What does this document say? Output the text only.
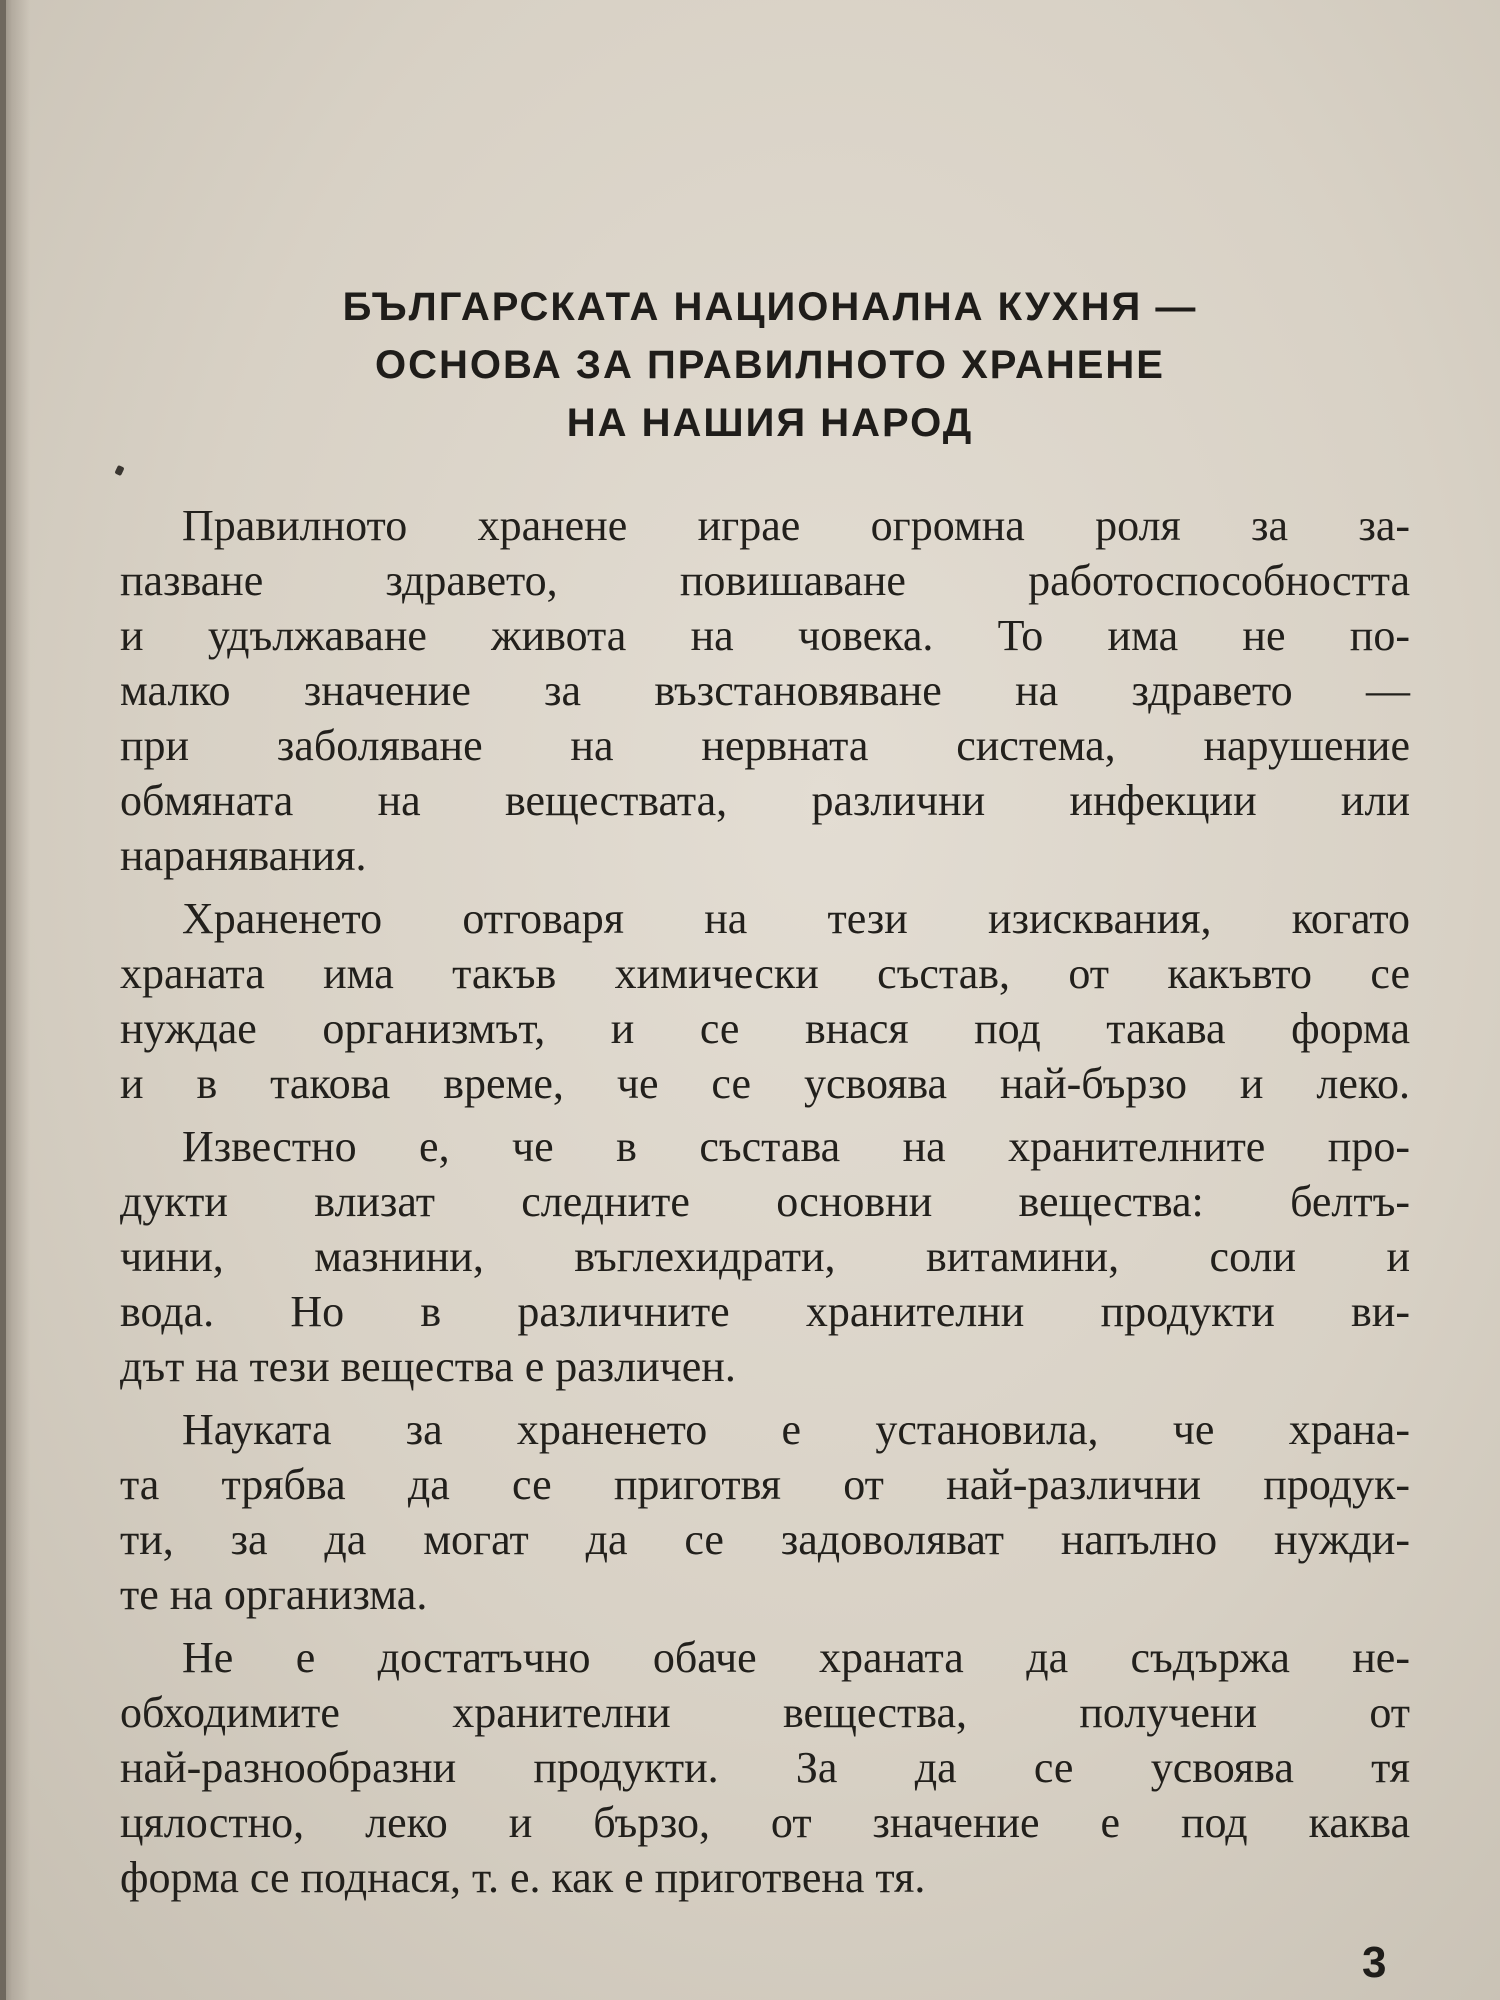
БЪЛГАРСКАТА НАЦИОНАЛНА КУХНЯ —
ОСНОВА ЗА ПРАВИЛНОТО ХРАНЕНЕ
НА НАШИЯ НАРОД
Правилното хранене играе огромна роля за за-
пазване здравето, повишаване работоспособността
и удължаване живота на човека. То има не по-
малко значение за възстановяване на здравето —
при заболяване на нервната система, нарушение
обмяната на веществата, различни инфекции или
наранявания.
Храненето отговаря на тези изисквания, когато
храната има такъв химически състав, от какъвто се
нуждае организмът, и се внася под такава форма
и в такова време, че се усвоява най-бързо и леко.
Известно е, че в състава на хранителните про-
дукти влизат следните основни вещества: белтъ-
чини, мазнини, въглехидрати, витамини, соли и
вода. Но в различните хранителни продукти ви-
дът на тези вещества е различен.
Науката за храненето е установила, че храна-
та трябва да се приготвя от най-различни продук-
ти, за да могат да се задоволяват напълно нужди-
те на организма.
Не е достатъчно обаче храната да съдържа не-
обходимите хранителни вещества, получени от
най-разнообразни продукти. За да се усвоява тя
цялостно, леко и бързо, от значение е под каква
форма се поднася, т. е. как е приготвена тя.
3
